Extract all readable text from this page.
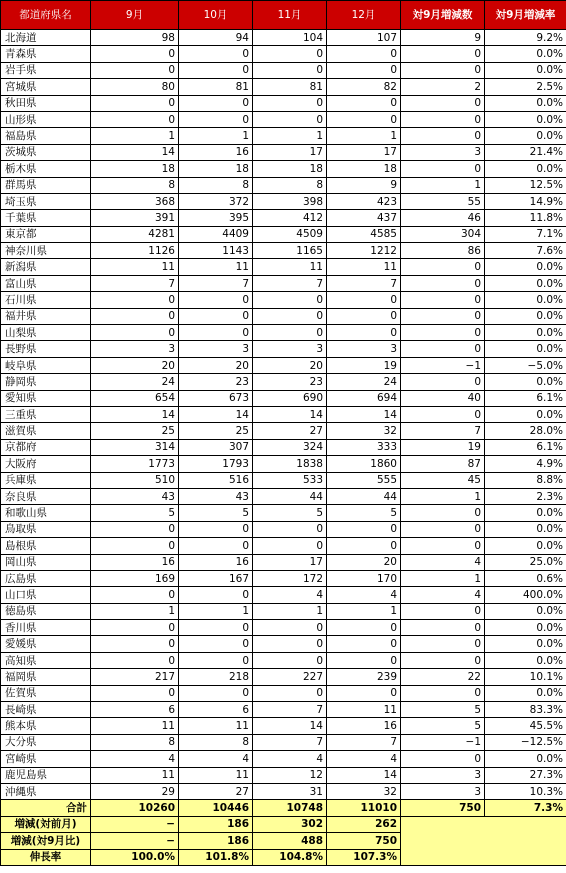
都道府県名	9月	10月	11月	12月	対9月増減数	対9月増減率
北海道	98	94	104	107	9	9.2%
青森県	0	0	0	0	0	0.0%
岩手県	0	0	0	0	0	0.0%
宮城県	80	81	81	82	2	2.5%
秋田県	0	0	0	0	0	0.0%
山形県	0	0	0	0	0	0.0%
福島県	1	1	1	1	0	0.0%
茨城県	14	16	17	17	3	21.4%
栃木県	18	18	18	18	0	0.0%
群馬県	8	8	8	9	1	12.5%
埼玉県	368	372	398	423	55	14.9%
千葉県	391	395	412	437	46	11.8%
東京都	4281	4409	4509	4585	304	7.1%
神奈川県	1126	1143	1165	1212	86	7.6%
新潟県	11	11	11	11	0	0.0%
富山県	7	7	7	7	0	0.0%
石川県	0	0	0	0	0	0.0%
福井県	0	0	0	0	0	0.0%
山梨県	0	0	0	0	0	0.0%
長野県	3	3	3	3	0	0.0%
岐阜県	20	20	20	19	−1	−5.0%
静岡県	24	23	23	24	0	0.0%
愛知県	654	673	690	694	40	6.1%
三重県	14	14	14	14	0	0.0%
滋賀県	25	25	27	32	7	28.0%
京都府	314	307	324	333	19	6.1%
大阪府	1773	1793	1838	1860	87	4.9%
兵庫県	510	516	533	555	45	8.8%
奈良県	43	43	44	44	1	2.3%
和歌山県	5	5	5	5	0	0.0%
鳥取県	0	0	0	0	0	0.0%
島根県	0	0	0	0	0	0.0%
岡山県	16	16	17	20	4	25.0%
広島県	169	167	172	170	1	0.6%
山口県	0	0	4	4	4	400.0%
徳島県	1	1	1	1	0	0.0%
香川県	0	0	0	0	0	0.0%
愛媛県	0	0	0	0	0	0.0%
高知県	0	0	0	0	0	0.0%
福岡県	217	218	227	239	22	10.1%
佐賀県	0	0	0	0	0	0.0%
長崎県	6	6	7	11	5	83.3%
熊本県	11	11	14	16	5	45.5%
大分県	8	8	7	7	−1	−12.5%
宮崎県	4	4	4	4	0	0.0%
鹿児島県	11	11	12	14	3	27.3%
沖縄県	29	27	31	32	3	10.3%
合計	10260	10446	10748	11010	750	7.3%
増減(対前月)	−	186	302	262		
増減(対9月比)	−	186	488	750		
伸長率	100.0%	101.8%	104.8%	107.3%		
